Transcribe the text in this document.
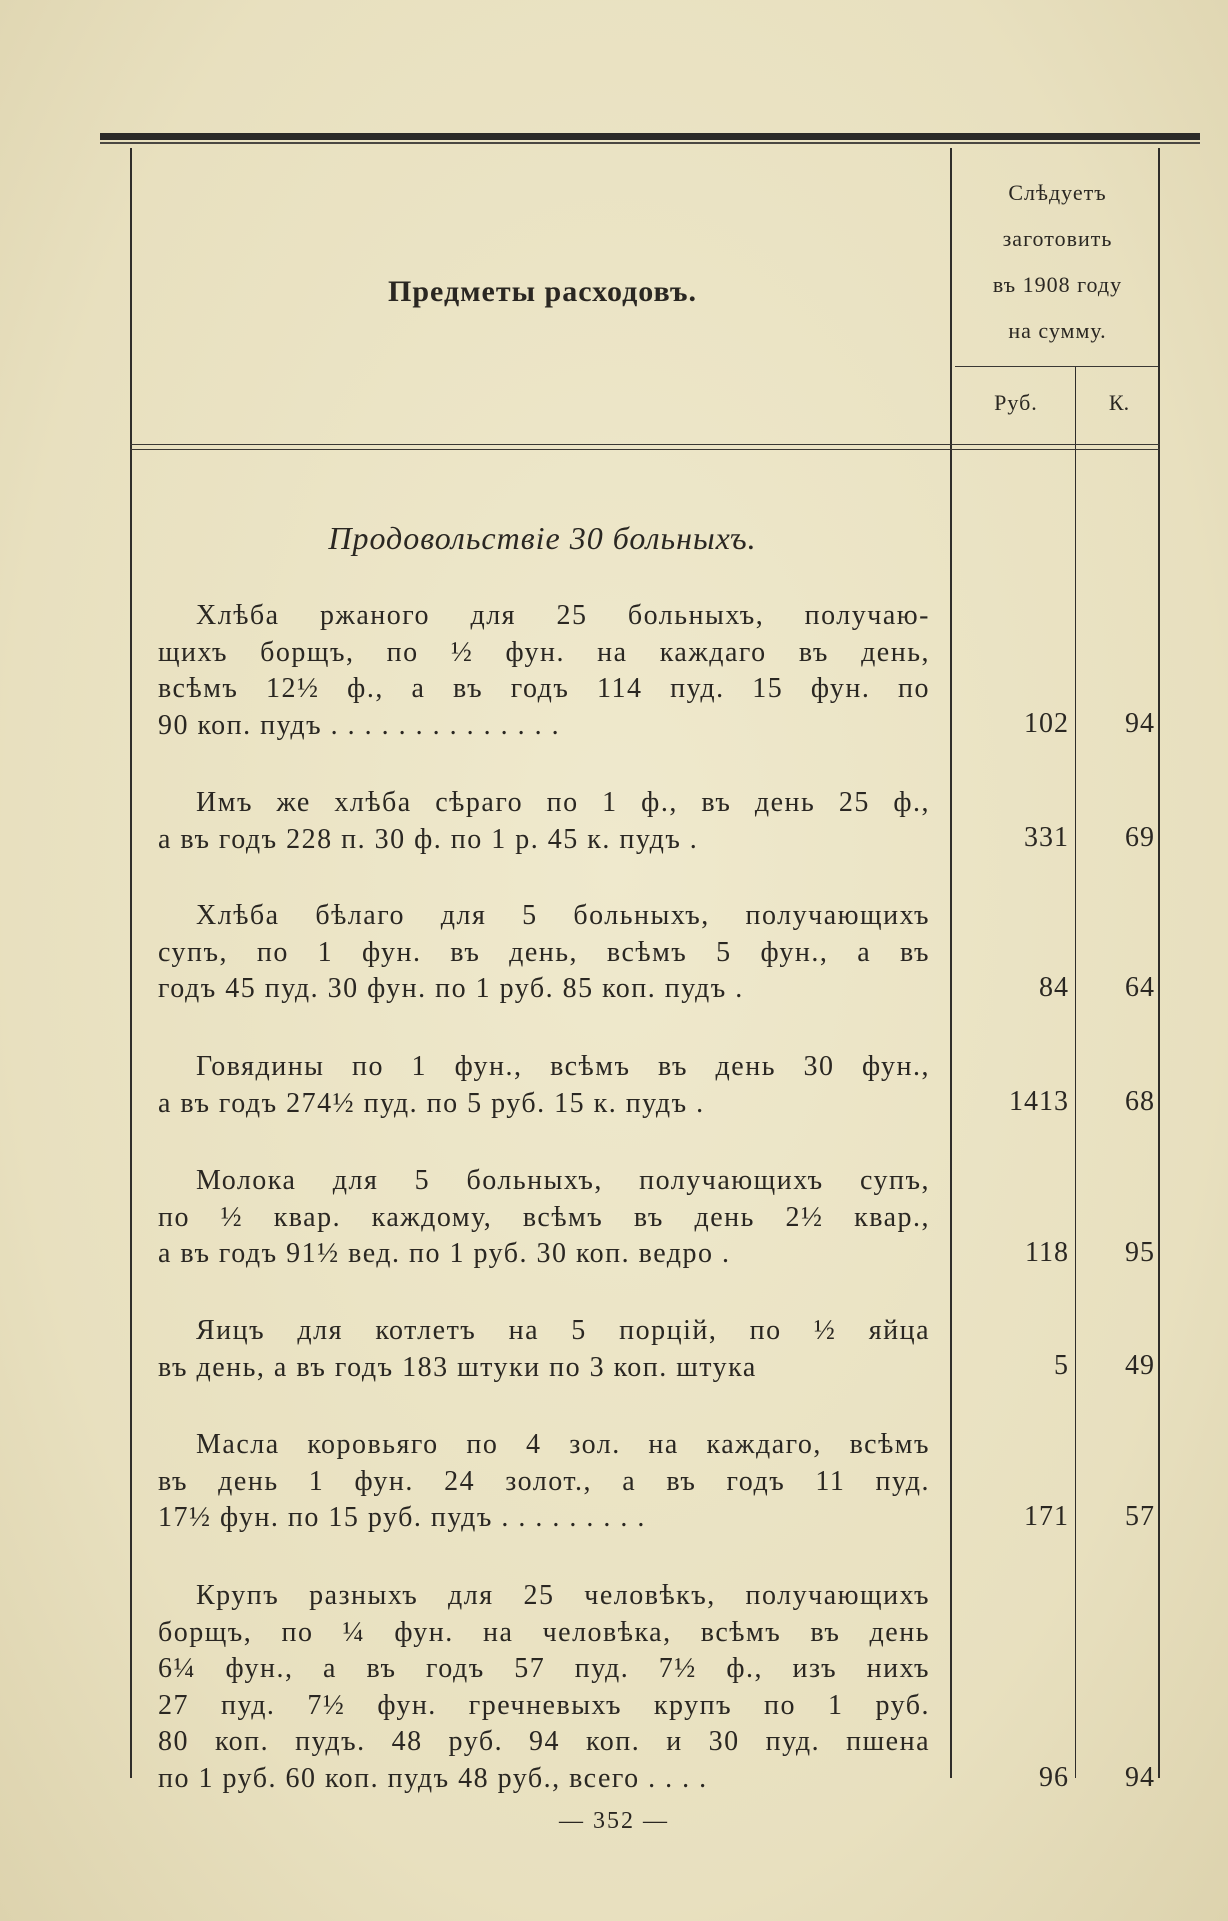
Предметы расходовъ.
Слѣдуетъ
заготовить
въ 1908 году
на сумму.
Руб.	К.
Продовольствіе 30 больныхъ.
Хлѣба ржаного для 25 больныхъ, получаю-
щихъ борщъ, по ½ фун. на каждаго въ день,
всѣмъ 12½ ф., а въ годъ 114 пуд. 15 фун. по
90 коп. пудъ . . . . . . . . . . . . . .	102	94
Имъ же хлѣба сѣраго по 1 ф., въ день 25 ф.,
а въ годъ 228 п. 30 ф. по 1 р. 45 к. пудъ .	331	69
Хлѣба бѣлаго для 5 больныхъ, получающихъ
супъ, по 1 фун. въ день, всѣмъ 5 фун., а въ
годъ 45 пуд. 30 фун. по 1 руб. 85 коп. пудъ .	84	64
Говядины по 1 фун., всѣмъ въ день 30 фун.,
а въ годъ 274½ пуд. по 5 руб. 15 к. пудъ .	1413	68
Молока для 5 больныхъ, получающихъ супъ,
по ½ квар. каждому, всѣмъ въ день 2½ квар.,
а въ годъ 91½ вед. по 1 руб. 30 коп. ведро .	118	95
Яицъ для котлетъ на 5 порцій, по ½ яйца
въ день, а въ годъ 183 штуки по 3 коп. штука	5	49
Масла коровьяго по 4 зол. на каждаго, всѣмъ
въ день 1 фун. 24 золот., а въ годъ 11 пуд.
17½ фун. по 15 руб. пудъ . . . . . . . . .	171	57
Крупъ разныхъ для 25 человѣкъ, получающихъ
борщъ, по ¼ фун. на человѣка, всѣмъ въ день
6¼ фун., а въ годъ 57 пуд. 7½ ф., изъ нихъ
27 пуд. 7½ фун. гречневыхъ крупъ по 1 руб.
80 коп. пудъ. 48 руб. 94 коп. и 30 пуд. пшена
по 1 руб. 60 коп. пудъ 48 руб., всего . . . .	96	94
— 352 —
